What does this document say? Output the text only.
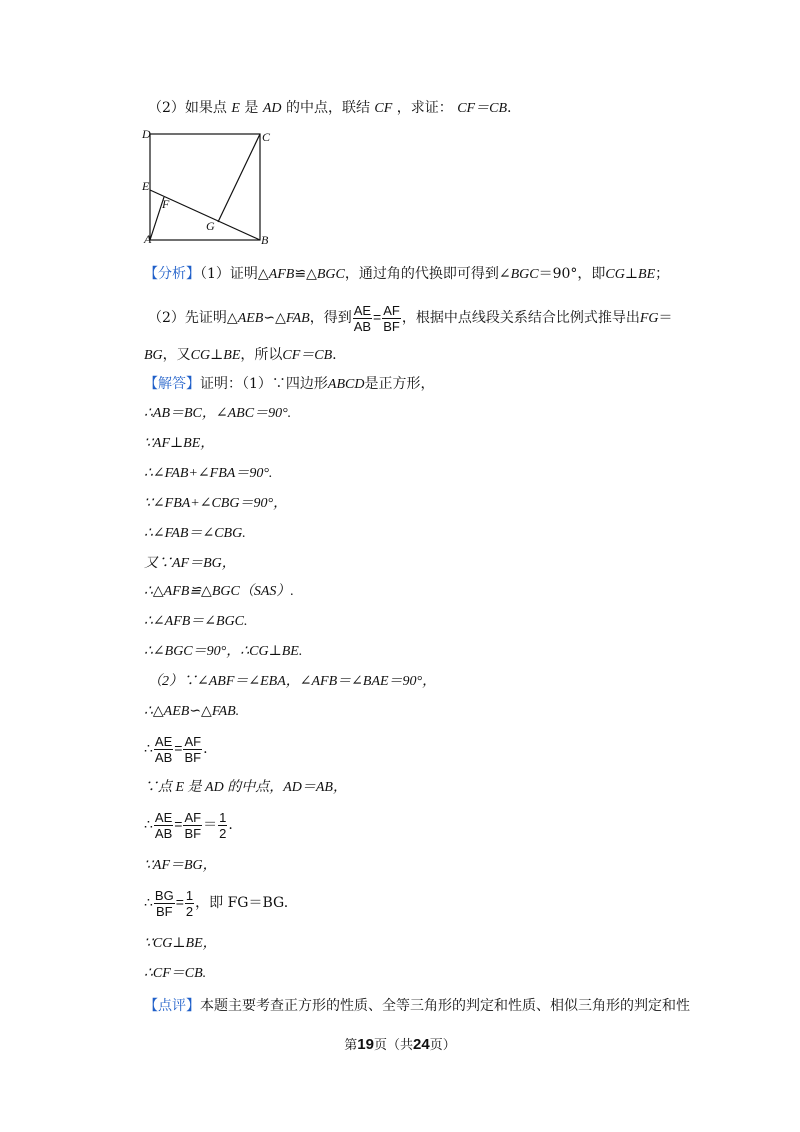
（2）如果点 E 是 AD 的中点，联结 CF ，求证： CF＝CB.
D	C
E
F
G
A	B
【分析】（1）证明△AFB≌△BGC，通过角的代换即可得到∠BGC＝90°，即CG⊥BE；
（2）先证明△AEB∽△FAB，得到 $\frac{AE}{AB} = \frac{AF}{BF}$ ，根据中点线段关系结合比例式推导出FG＝
BG，又CG⊥BE，所以CF＝CB.
【解答】证明：（1）∵四边形ABCD是正方形，
∴AB＝BC，∠ABC＝90°.
∵AF⊥BE，
∴∠FAB+∠FBA＝90°.
∵∠FBA+∠CBG＝90°，
∴∠FAB＝∠CBG.
又∵AF＝BG，
∴△AFB≌△BGC（SAS）.
∴∠AFB＝∠BGC.
∴∠BGC＝90°，∴CG⊥BE.
（2）∵∠ABF＝∠EBA，∠AFB＝∠BAE＝90°，
∴△AEB∽△FAB.
∴ $\frac{AE}{AB} = \frac{AF}{BF}$ .
∵点 E 是 AD 的中点，AD＝AB，
∴ $\frac{AE}{AB} = \frac{AF}{BF} = \frac{1}{2}$ .
∵AF＝BG，
∴ $\frac{BG}{BF} = \frac{1}{2}$ ，即 FG＝BG.
∵CG⊥BE，
∴CF＝CB.
【点评】本题主要考查正方形的性质、全等三角形的判定和性质、相似三角形的判定和性
第19页（共24页）
